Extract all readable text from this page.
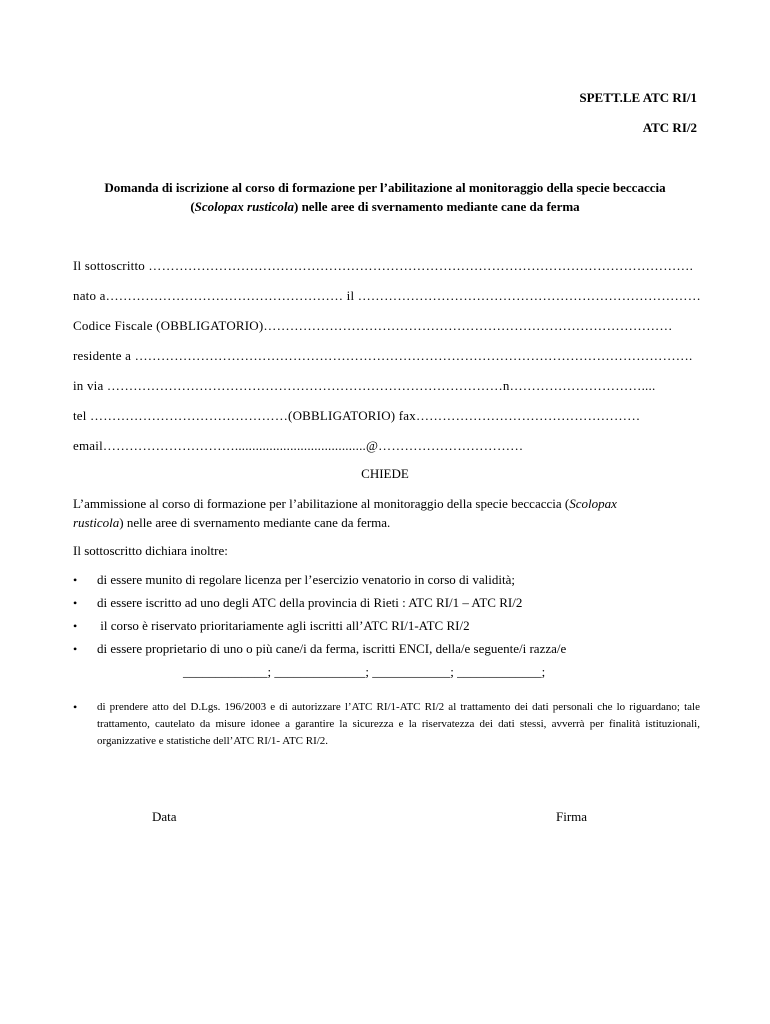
SPETT.LE ATC RI/1
ATC RI/2
Domanda di iscrizione al corso di formazione per l’abilitazione al monitoraggio della specie beccaccia
(Scolopax rusticola) nelle aree di svernamento mediante cane da ferma
Il sottoscritto …………………………………………………………………………………………………………….
nato a……………………………………………… il ……………………………………………………………………
Codice Fiscale (OBBLIGATORIO)…………………………………………………………………………………
residente a ……………………………………………………………………………………………………………….
in via ………………………………………………………………………………n…………………………....
tel ………………………………………(OBBLIGATORIO) fax……………………………………………
email…………………………......................................@……………………………
CHIEDE
L’ammissione al corso di formazione per l’abilitazione al monitoraggio della specie beccaccia (Scolopax
rusticola) nelle aree di svernamento mediante cane da ferma.
Il sottoscritto dichiara inoltre:
• di essere munito di regolare licenza per l’esercizio venatorio in corso di validità;
• di essere iscritto ad uno degli ATC della provincia di Rieti : ATC RI/1 – ATC RI/2
• il corso è riservato prioritariamente agli iscritti all’ATC RI/1-ATC RI/2
• di essere proprietario di uno o più cane/i da ferma, iscritti ENCI, della/e seguente/i razza/e
_____________; ______________; ____________; _____________;
• di prendere atto del D.Lgs. 196/2003 e di autorizzare l’ATC RI/1-ATC RI/2 al trattamento dei dati personali che lo riguardano; tale trattamento, cautelato da misure idonee a garantire la sicurezza e la riservatezza dei dati stessi, avverrà per finalità istituzionali, organizzative e statistiche dell’ATC RI/1- ATC RI/2.
Data	Firma
